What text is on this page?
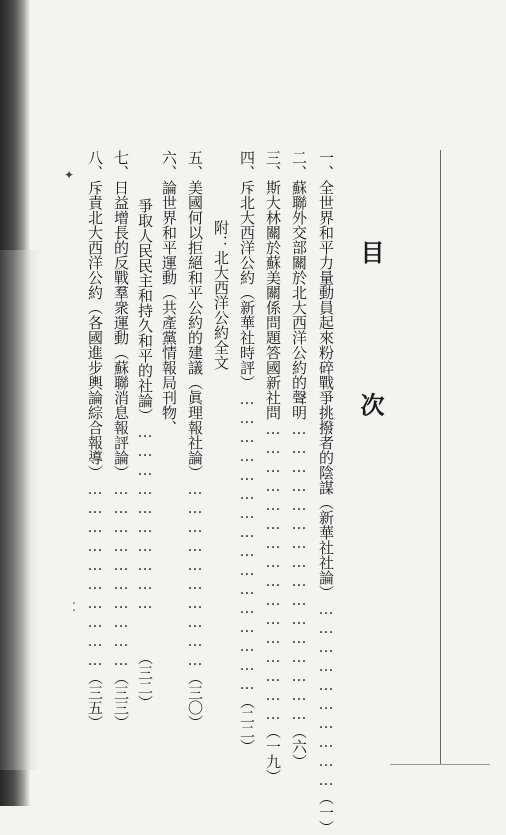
目 次
一、
全世界和平力量動員起來粉碎戰爭挑撥者的陰謀（新華社社論）
…………………………
（一）
二、
蘇聯外交部關於北大西洋公約的聲明
…………………………………………
（六）
三、
斯大林關於蘇美關係問題答國新社問
…………………………………………
（一九）
四、
斥北大西洋公約（新華社時評）
…………………………………………
（二二）
附：北大西洋公約全文
五、
美國何以拒絕和平公約的建議（眞理報社論）
…………………………
（三〇）
六、
論世界和平運動（共產黨情報局刊物、
爭取人民民主和持久和平的社論）
…………………………
（三二）
七、
日益增長的反戰羣衆運動（蘇聯消息報評論）
…………………………
（三三）
八、
斥責北大西洋公約（各國進步輿論綜合報導）
…………………………
（三五）
✦
⁚
